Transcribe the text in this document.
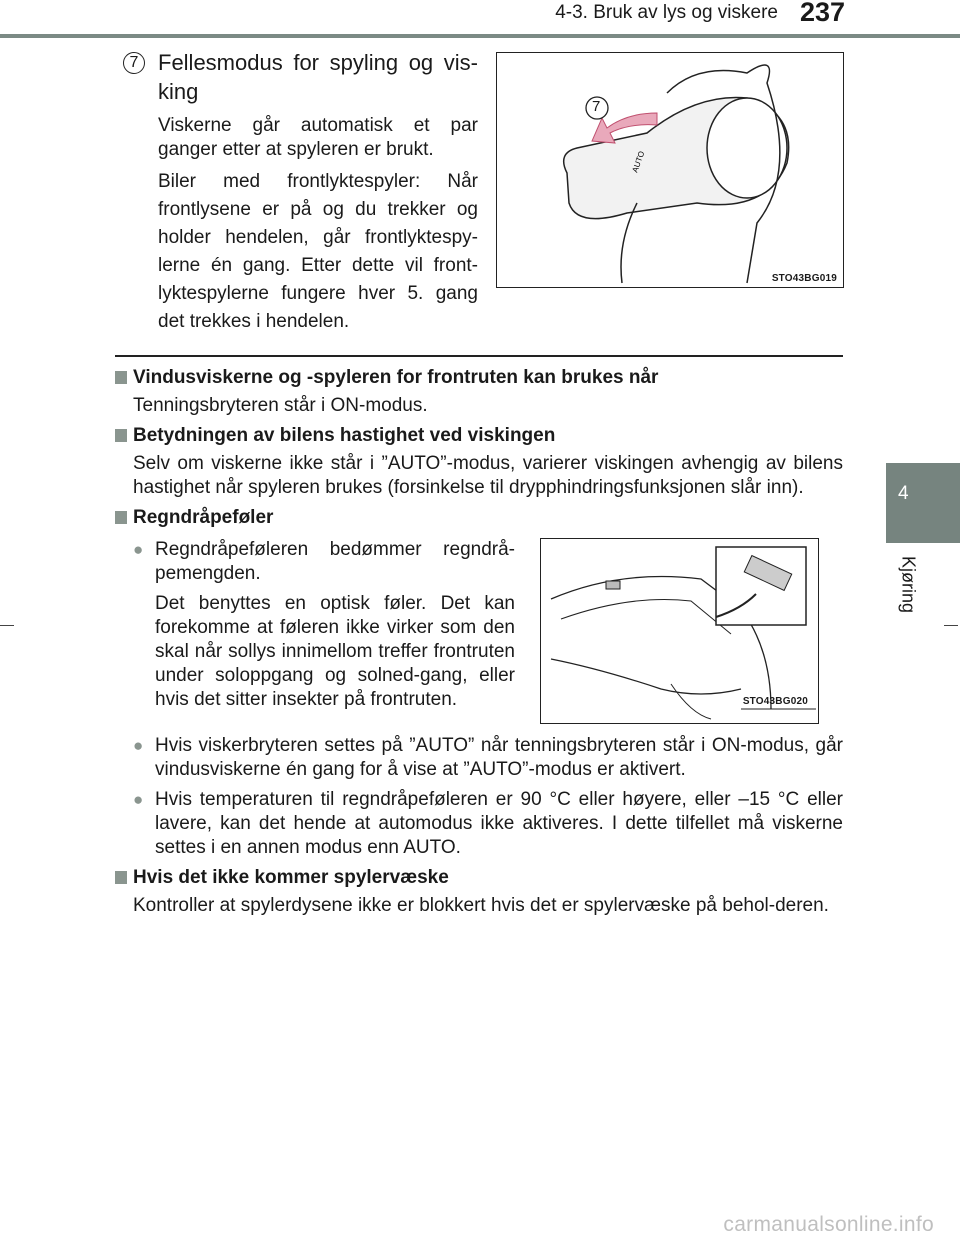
4-3. Bruk av lys og viskere 237
4
Kjøring
7 Fellesmodus for spyling og vis-king
Viskerne går automatisk et par ganger etter at spyleren er brukt.
Biler med frontlyktespyler: Når frontlysene er på og du trekker og holder hendelen, går frontlyktespy-lerne én gang. Etter dette vil front-lyktespylerne fungere hver 5. gang det trekkes i hendelen.
AUTO
7
STO43BG019
Vindusviskerne og -spyleren for frontruten kan brukes når
Tenningsbryteren står i ON-modus.
Betydningen av bilens hastighet ved viskingen
Selv om viskerne ikke står i ”AUTO”-modus, varierer viskingen avhengig av bilens hastighet når spyleren brukes (forsinkelse til drypphindringsfunksjonen slår inn).
Regndråpeføler
● Regndråpeføleren bedømmer regndrå-pemengden.
Det benyttes en optisk føler. Det kan forekomme at føleren ikke virker som den skal når sollys innimellom treffer frontruten under soloppgang og solned-gang, eller hvis det sitter insekter på frontruten.	STO43BG020
● Hvis viskerbryteren settes på ”AUTO” når tenningsbryteren står i ON-modus, går vindusviskerne én gang for å vise at ”AUTO”-modus er aktivert.
● Hvis temperaturen til regndråpeføleren er 90 °C eller høyere, eller –15 °C eller lavere, kan det hende at automodus ikke aktiveres. I dette tilfellet må viskerne settes i en annen modus enn AUTO.
Hvis det ikke kommer spylervæske
Kontroller at spylerdysene ikke er blokkert hvis det er spylervæske på behol-deren.
carmanualsonline.info
